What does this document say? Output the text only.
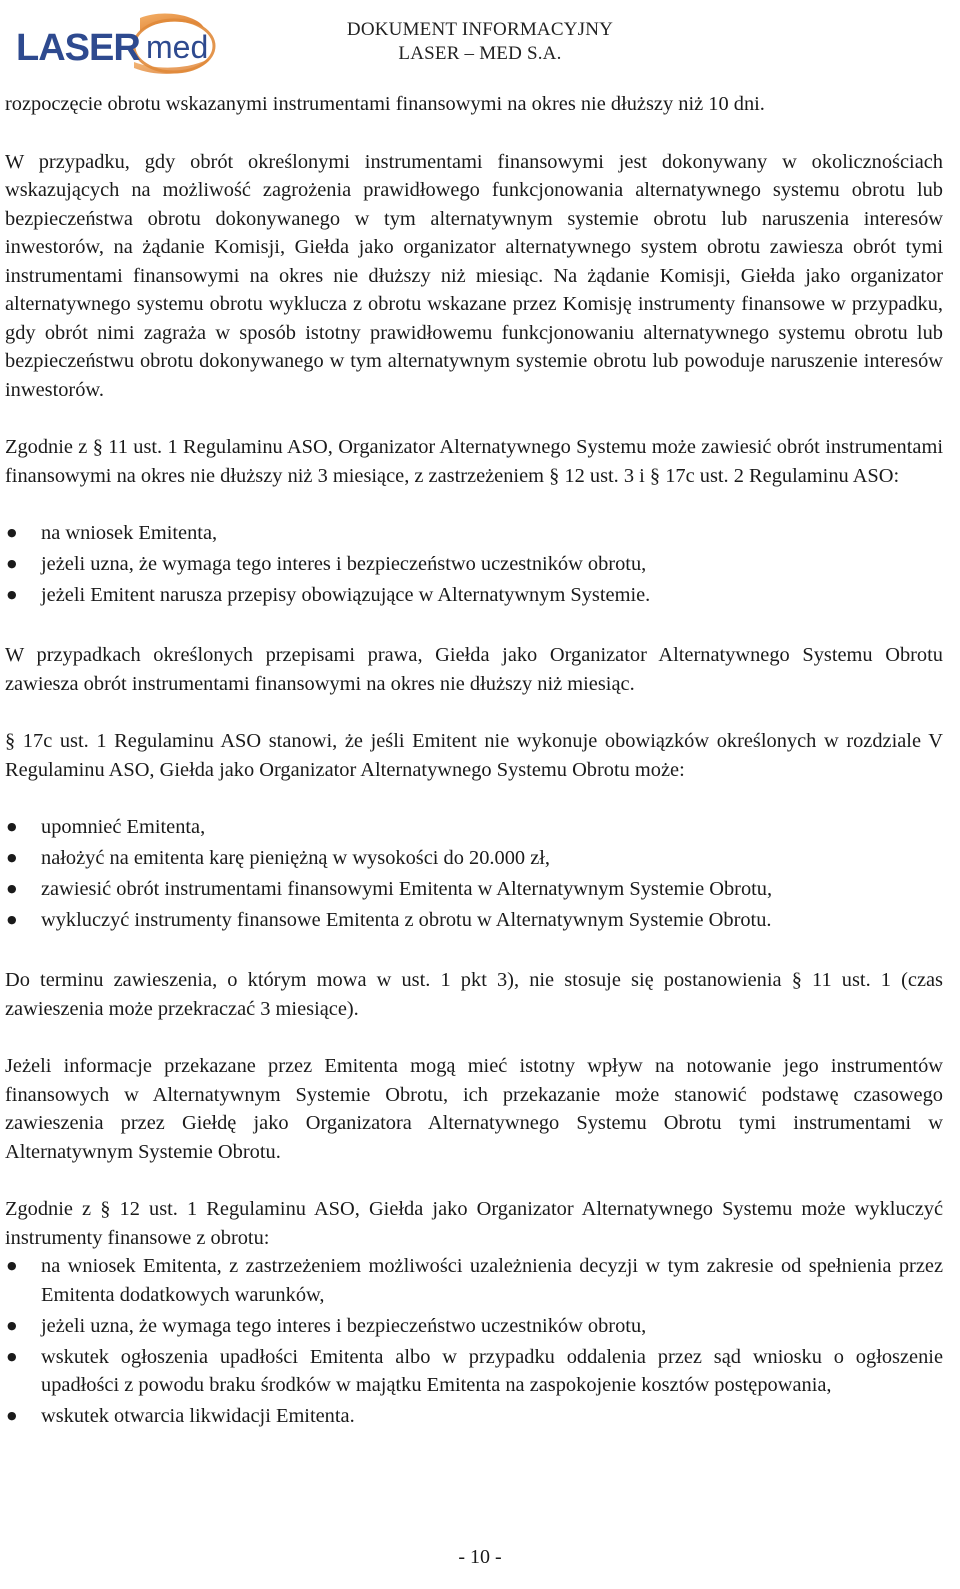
LASER med	DOKUMENT INFORMACYJNY
LASER – MED S.A.

rozpoczęcie obrotu wskazanymi instrumentami finansowymi na okres nie dłuższy niż 10 dni.

W przypadku, gdy obrót określonymi instrumentami finansowymi jest dokonywany w okolicznościach wskazujących na możliwość zagrożenia prawidłowego funkcjonowania alternatywnego systemu obrotu lub bezpieczeństwa obrotu dokonywanego w tym alternatywnym systemie obrotu lub naruszenia interesów inwestorów, na żądanie Komisji, Giełda jako organizator alternatywnego system obrotu zawiesza obrót tymi instrumentami finansowymi na okres nie dłuższy niż miesiąc. Na żądanie Komisji, Giełda jako organizator alternatywnego systemu obrotu wyklucza z obrotu wskazane przez Komisję instrumenty finansowe w przypadku, gdy obrót nimi zagraża w sposób istotny prawidłowemu funkcjonowaniu alternatywnego systemu obrotu lub bezpieczeństwu obrotu dokonywanego w tym alternatywnym systemie obrotu lub powoduje naruszenie interesów inwestorów.

Zgodnie z § 11 ust. 1 Regulaminu ASO, Organizator Alternatywnego Systemu może zawiesić obrót instrumentami finansowymi na okres nie dłuższy niż 3 miesiące, z zastrzeżeniem § 12 ust. 3 i § 17c ust. 2 Regulaminu ASO:

●
na wniosek Emitenta,
●
jeżeli uzna, że wymaga tego interes i bezpieczeństwo uczestników obrotu,
●
jeżeli Emitent narusza przepisy obowiązujące w Alternatywnym Systemie.

W przypadkach określonych przepisami prawa, Giełda jako Organizator Alternatywnego Systemu Obrotu zawiesza obrót instrumentami finansowymi na okres nie dłuższy niż miesiąc.

§ 17c ust. 1 Regulaminu ASO stanowi, że jeśli Emitent nie wykonuje obowiązków określonych w rozdziale V Regulaminu ASO, Giełda jako Organizator Alternatywnego Systemu Obrotu może:

●
upomnieć Emitenta,
●
nałożyć na emitenta karę pieniężną w wysokości do 20.000 zł,
●
zawiesić obrót instrumentami finansowymi Emitenta w Alternatywnym Systemie Obrotu,
●
wykluczyć instrumenty finansowe Emitenta z obrotu w Alternatywnym Systemie Obrotu.

Do terminu zawieszenia, o którym mowa w ust. 1 pkt 3), nie stosuje się postanowienia § 11 ust. 1 (czas zawieszenia może przekraczać 3 miesiące).

Jeżeli informacje przekazane przez Emitenta mogą mieć istotny wpływ na notowanie jego instrumentów finansowych w Alternatywnym Systemie Obrotu, ich przekazanie może stanowić podstawę czasowego zawieszenia przez Giełdę jako Organizatora Alternatywnego Systemu Obrotu tymi instrumentami w Alternatywnym Systemie Obrotu.

Zgodnie z § 12 ust. 1 Regulaminu ASO, Giełda jako Organizator Alternatywnego Systemu może wykluczyć instrumenty finansowe z obrotu:

●
na wniosek Emitenta, z zastrzeżeniem możliwości uzależnienia decyzji w tym zakresie od spełnienia przez Emitenta dodatkowych warunków,
●
jeżeli uzna, że wymaga tego interes i bezpieczeństwo uczestników obrotu,
●
wskutek ogłoszenia upadłości Emitenta albo w przypadku oddalenia przez sąd wniosku o ogłoszenie upadłości z powodu braku środków w majątku Emitenta na zaspokojenie kosztów postępowania,
●
wskutek otwarcia likwidacji Emitenta.
- 10 -
